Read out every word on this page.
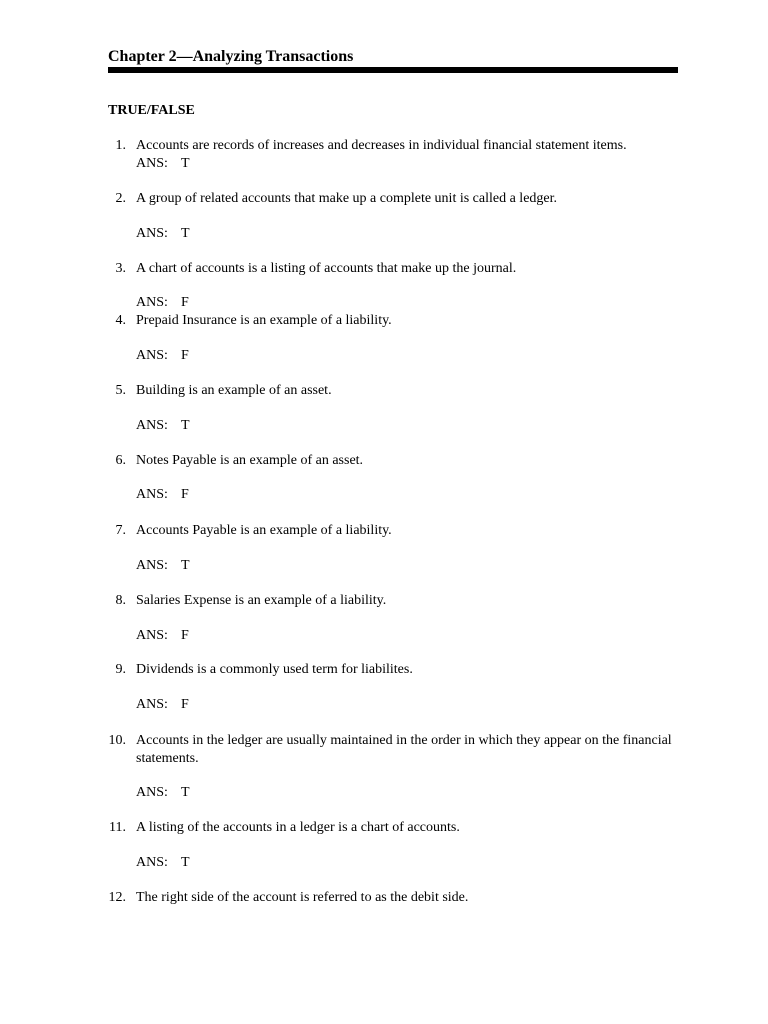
Chapter 2—Analyzing Transactions
TRUE/FALSE
1. Accounts are records of increases and decreases in individual financial statement items.
ANS: T
2. A group of related accounts that make up a complete unit is called a ledger.
ANS: T
3. A chart of accounts is a listing of accounts that make up the journal.
ANS: F
4. Prepaid Insurance is an example of a liability.
ANS: F
5. Building is an example of an asset.
ANS: T
6. Notes Payable is an example of an asset.
ANS: F
7. Accounts Payable is an example of a liability.
ANS: T
8. Salaries Expense is an example of a liability.
ANS: F
9. Dividends is a commonly used term for liabilites.
ANS: F
10. Accounts in the ledger are usually maintained in the order in which they appear on the financial statements.
ANS: T
11. A listing of the accounts in a ledger is a chart of accounts.
ANS: T
12. The right side of the account is referred to as the debit side.
